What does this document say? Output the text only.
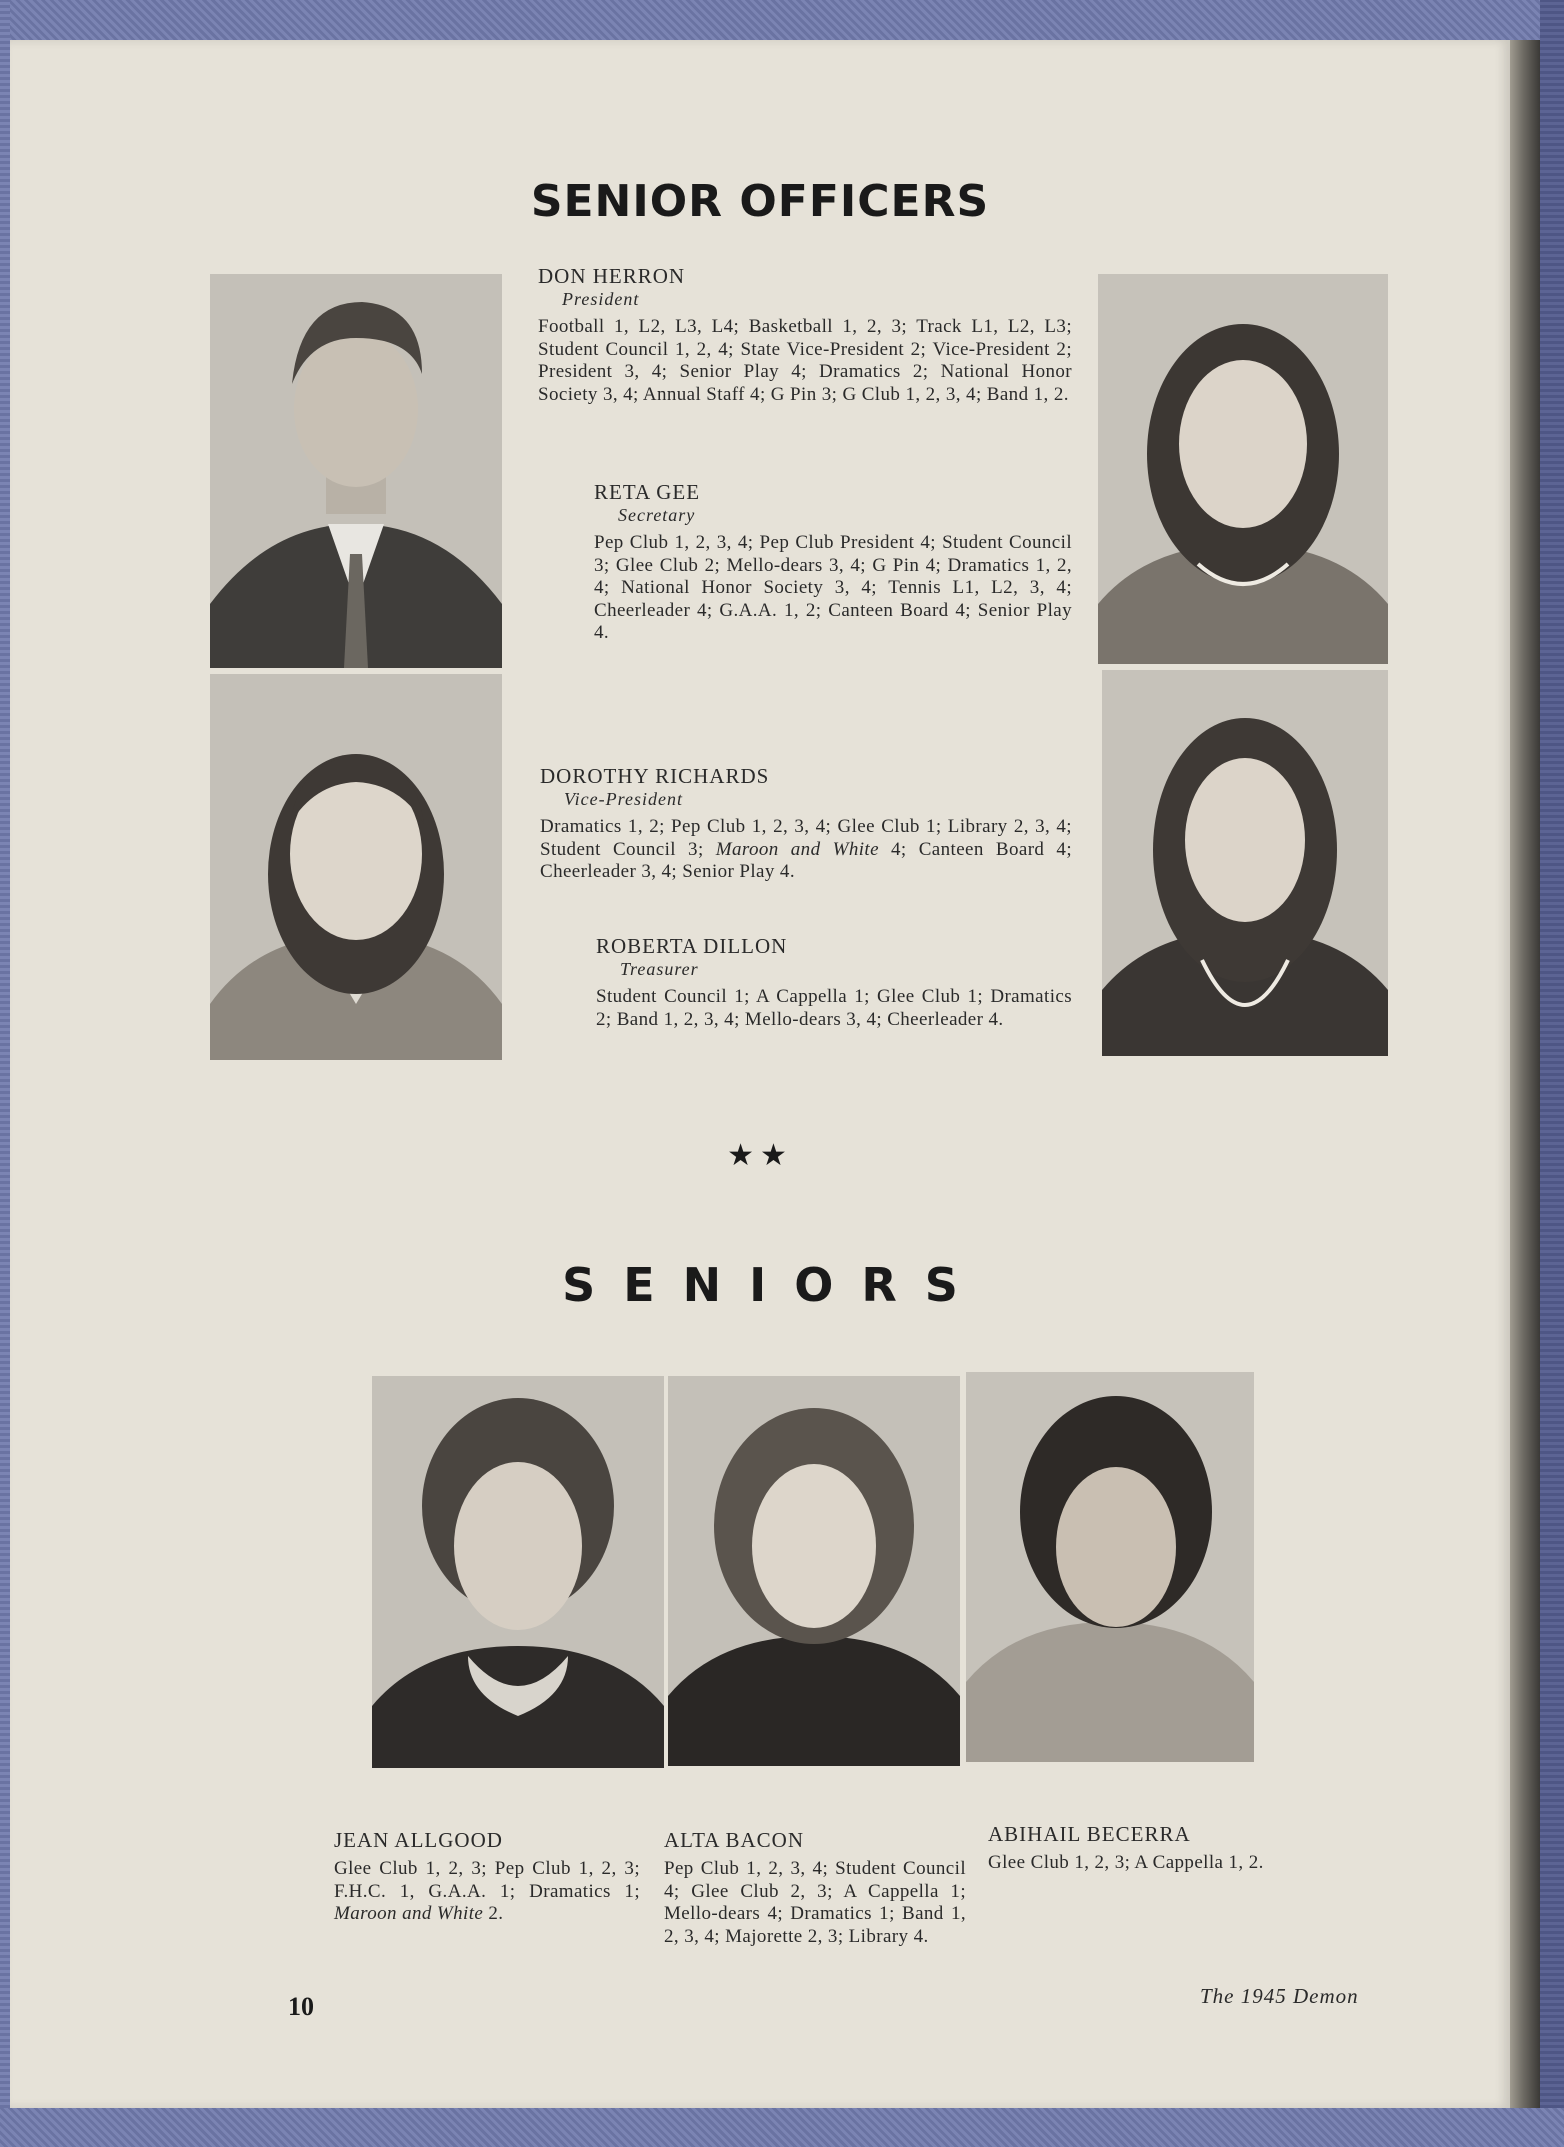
SENIOR OFFICERS
DON HERRON
President
Football 1, L2, L3, L4; Basketball 1, 2, 3; Track L1, L2, L3; Student Council 1, 2, 4; State Vice-President 2; Vice-President 2; President 3, 4; Senior Play 4; Dramatics 2; National Honor Society 3, 4; Annual Staff 4; G Pin 3; G Club 1, 2, 3, 4; Band 1, 2.
RETA GEE
Secretary
Pep Club 1, 2, 3, 4; Pep Club President 4; Student Council 3; Glee Club 2; Mello-dears 3, 4; G Pin 4; Dramatics 1, 2, 4; National Honor Society 3, 4; Tennis L1, L2, 3, 4; Cheerleader 4; G.A.A. 1, 2; Canteen Board 4; Senior Play 4.
DOROTHY RICHARDS
Vice-President
Dramatics 1, 2; Pep Club 1, 2, 3, 4; Glee Club 1; Library 2, 3, 4; Student Council 3; Maroon and White 4; Canteen Board 4; Cheerleader 3, 4; Senior Play 4.
ROBERTA DILLON
Treasurer
Student Council 1; A Cappella 1; Glee Club 1; Dramatics 2; Band 1, 2, 3, 4; Mello-dears 3, 4; Cheerleader 4.
★★
SENIORS
JEAN ALLGOOD
Glee Club 1, 2, 3; Pep Club 1, 2, 3; F.H.C. 1, G.A.A. 1; Dramatics 1; Maroon and White 2.
ALTA BACON
Pep Club 1, 2, 3, 4; Student Council 4; Glee Club 2, 3; A Cappella 1; Mello-dears 4; Dramatics 1; Band 1, 2, 3, 4; Majorette 2, 3; Library 4.
ABIHAIL BECERRA
Glee Club 1, 2, 3; A Cappella 1, 2.
10	The 1945 Demon
